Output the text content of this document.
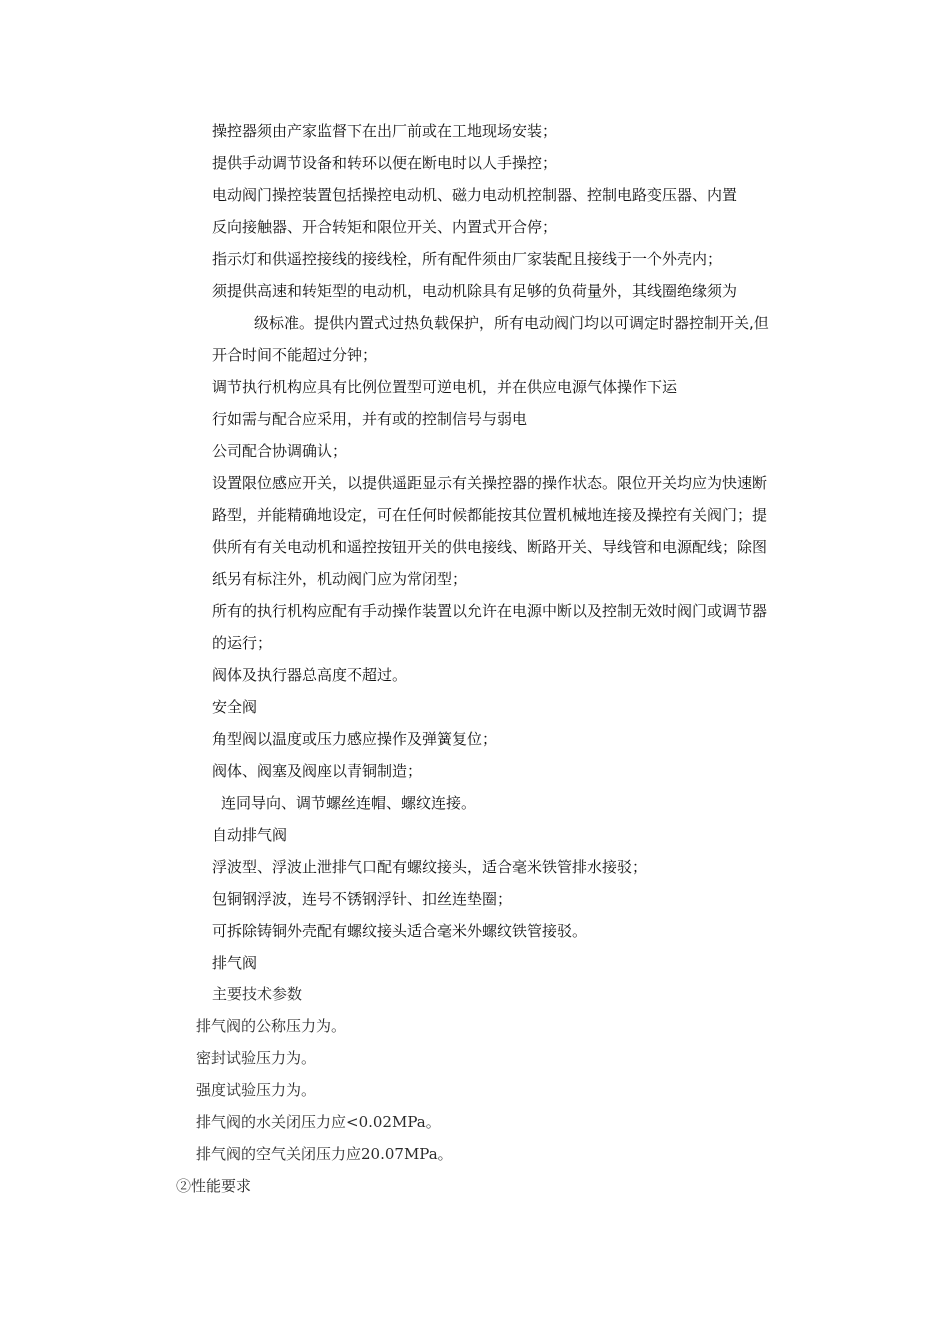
操控器须由产家监督下在出厂前或在工地现场安装；
提供手动调节设备和转环以便在断电时以人手操控；
电动阀门操控装置包括操控电动机、磁力电动机控制器、控制电路变压器、内置
反向接触器、开合转矩和限位开关、内置式开合停；
指示灯和供遥控接线的接线栓，所有配件须由厂家装配且接线于一个外壳内；
须提供高速和转矩型的电动机，电动机除具有足够的负荷量外，其线圈绝缘须为
级标准。提供内置式过热负载保护，所有电动阀门均以可调定时器控制开关,但
开合时间不能超过分钟；
调节执行机构应具有比例位置型可逆电机，并在供应电源气体操作下运
行如需与配合应采用，并有或的控制信号与弱电
公司配合协调确认；
设置限位感应开关，以提供遥距显示有关操控器的操作状态。限位开关均应为快速断
路型，并能精确地设定，可在任何时候都能按其位置机械地连接及操控有关阀门；提
供所有有关电动机和遥控按钮开关的供电接线、断路开关、导线管和电源配线；除图
纸另有标注外，机动阀门应为常闭型；
所有的执行机构应配有手动操作装置以允许在电源中断以及控制无效时阀门或调节器
的运行；
阀体及执行器总高度不超过。
安全阀
角型阀以温度或压力感应操作及弹簧复位；
阀体、阀塞及阀座以青铜制造；
连同导向、调节螺丝连帽、螺纹连接。
自动排气阀
浮波型、浮波止泄排气口配有螺纹接头，适合毫米铁管排水接驳；
包铜钢浮波，连号不锈钢浮针、扣丝连垫圈；
可拆除铸铜外壳配有螺纹接头适合毫米外螺纹铁管接驳。
排气阀
主要技术参数
排气阀的公称压力为。
密封试验压力为。
强度试验压力为。
排气阀的水关闭压力应<0.02MPa。
排气阀的空气关闭压力应20.07MPa。
②性能要求
